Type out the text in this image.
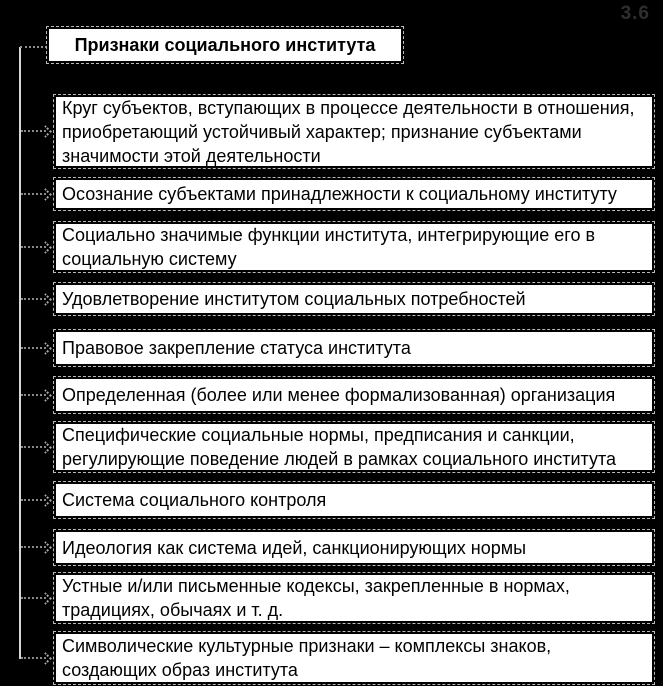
3.6
Признаки социального института
Круг субъектов, вступающих в процессе деятельности в отношения, приобретающий устойчивый характер; признание субъектами значимости этой деятельности
Осознание субъектами принадлежности к социальному институту
Социально значимые функции института, интегрирующие его в социальную систему
Удовлетворение институтом социальных потребностей
Правовое закрепление статуса института
Определенная (более или менее формализованная) организация
Специфические социальные нормы, предписания и санкции, регулирующие поведение людей в рамках социального института
Система социального контроля
Идеология как система идей, санкционирующих нормы
Устные и/или письменные кодексы, закрепленные в нормах, традициях, обычаях и т. д.
Символические культурные признаки – комплексы знаков, создающих образ института
